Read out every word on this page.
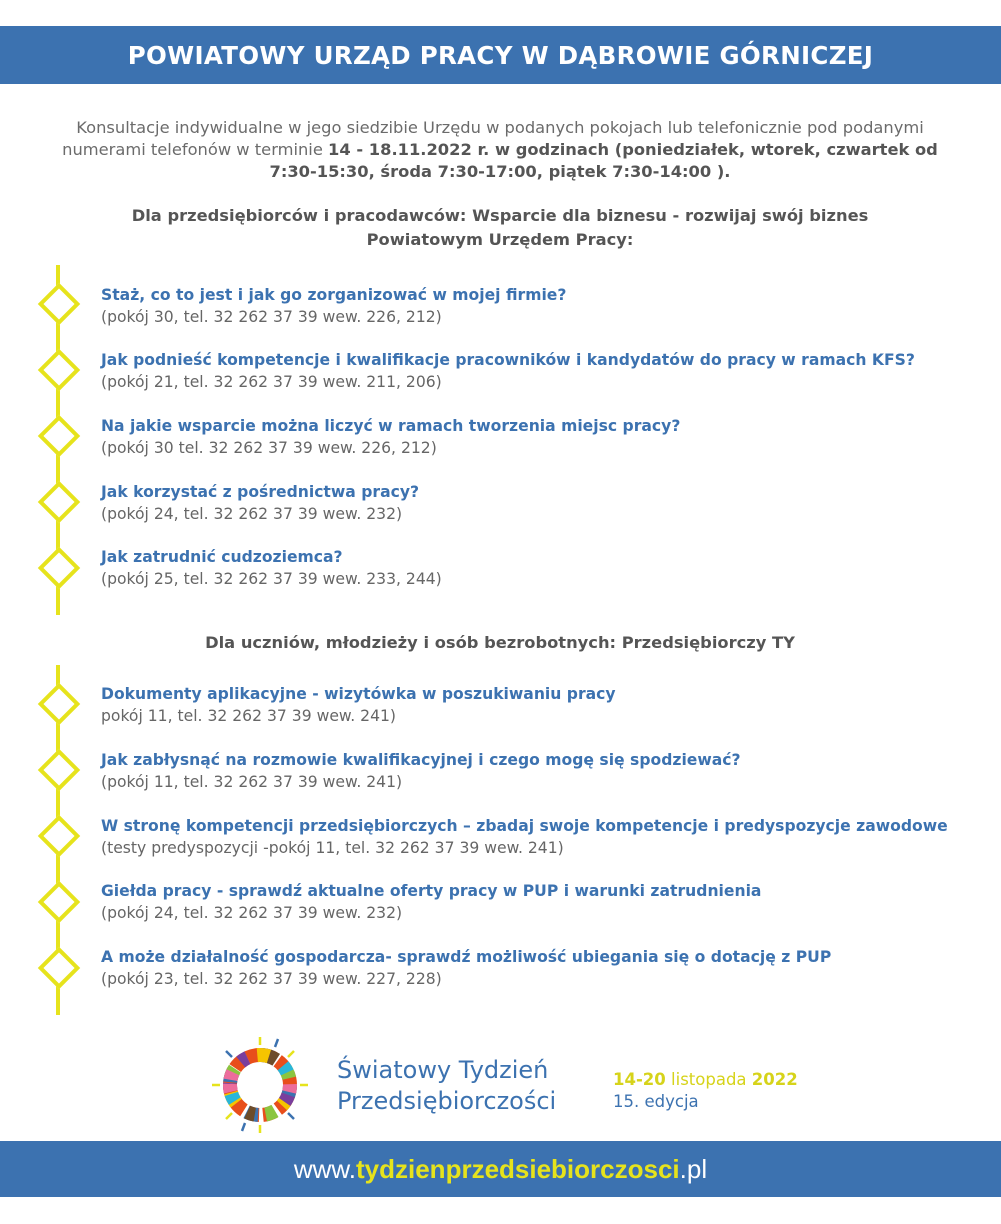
POWIATOWY URZĄD PRACY W DĄBROWIE GÓRNICZEJ
Konsultacje indywidualne w jego siedzibie Urzędu w podanych pokojach lub telefonicznie pod podanymi numerami telefonów w terminie 14 - 18.11.2022 r. w godzinach (poniedziałek, wtorek, czwartek od 7:30-15:30, środa 7:30-17:00, piątek 7:30-14:00 ).
Dla przedsiębiorców i pracodawców: Wsparcie dla biznesu - rozwijaj swój biznes
Powiatowym Urzędem Pracy:
Staż, co to jest i jak go zorganizować w mojej firmie?
(pokój 30, tel. 32 262 37 39 wew. 226, 212)
Jak podnieść kompetencje i kwalifikacje pracowników i kandydatów do pracy w ramach KFS?
(pokój 21, tel. 32 262 37 39 wew. 211, 206)
Na jakie wsparcie można liczyć w ramach tworzenia miejsc pracy?
(pokój 30 tel. 32 262 37 39 wew. 226, 212)
Jak korzystać z pośrednictwa pracy?
(pokój 24, tel. 32 262 37 39 wew. 232)
Jak zatrudnić cudzoziemca?
(pokój 25, tel. 32 262 37 39 wew. 233, 244)
Dla uczniów, młodzieży i osób bezrobotnych: Przedsiębiorczy TY
Dokumenty aplikacyjne - wizytówka w poszukiwaniu pracy
pokój 11, tel. 32 262 37 39 wew. 241)
Jak zabłysnąć na rozmowie kwalifikacyjnej i czego mogę się spodziewać?
(pokój 11, tel. 32 262 37 39 wew. 241)
W stronę kompetencji przedsiębiorczych – zbadaj swoje kompetencje i predyspozycje zawodowe
(testy predyspozycji -pokój 11, tel. 32 262 37 39 wew. 241)
Giełda pracy - sprawdź aktualne oferty pracy w PUP i warunki zatrudnienia
(pokój 24, tel. 32 262 37 39 wew. 232)
A może działalność gospodarcza- sprawdź możliwość ubiegania się o dotację z PUP
(pokój 23, tel. 32 262 37 39 wew. 227, 228)
Światowy Tydzień
Przedsiębiorczości
14-20 listopada 2022
15. edycja
www. tydzienprzedsiebiorczosci .pl
